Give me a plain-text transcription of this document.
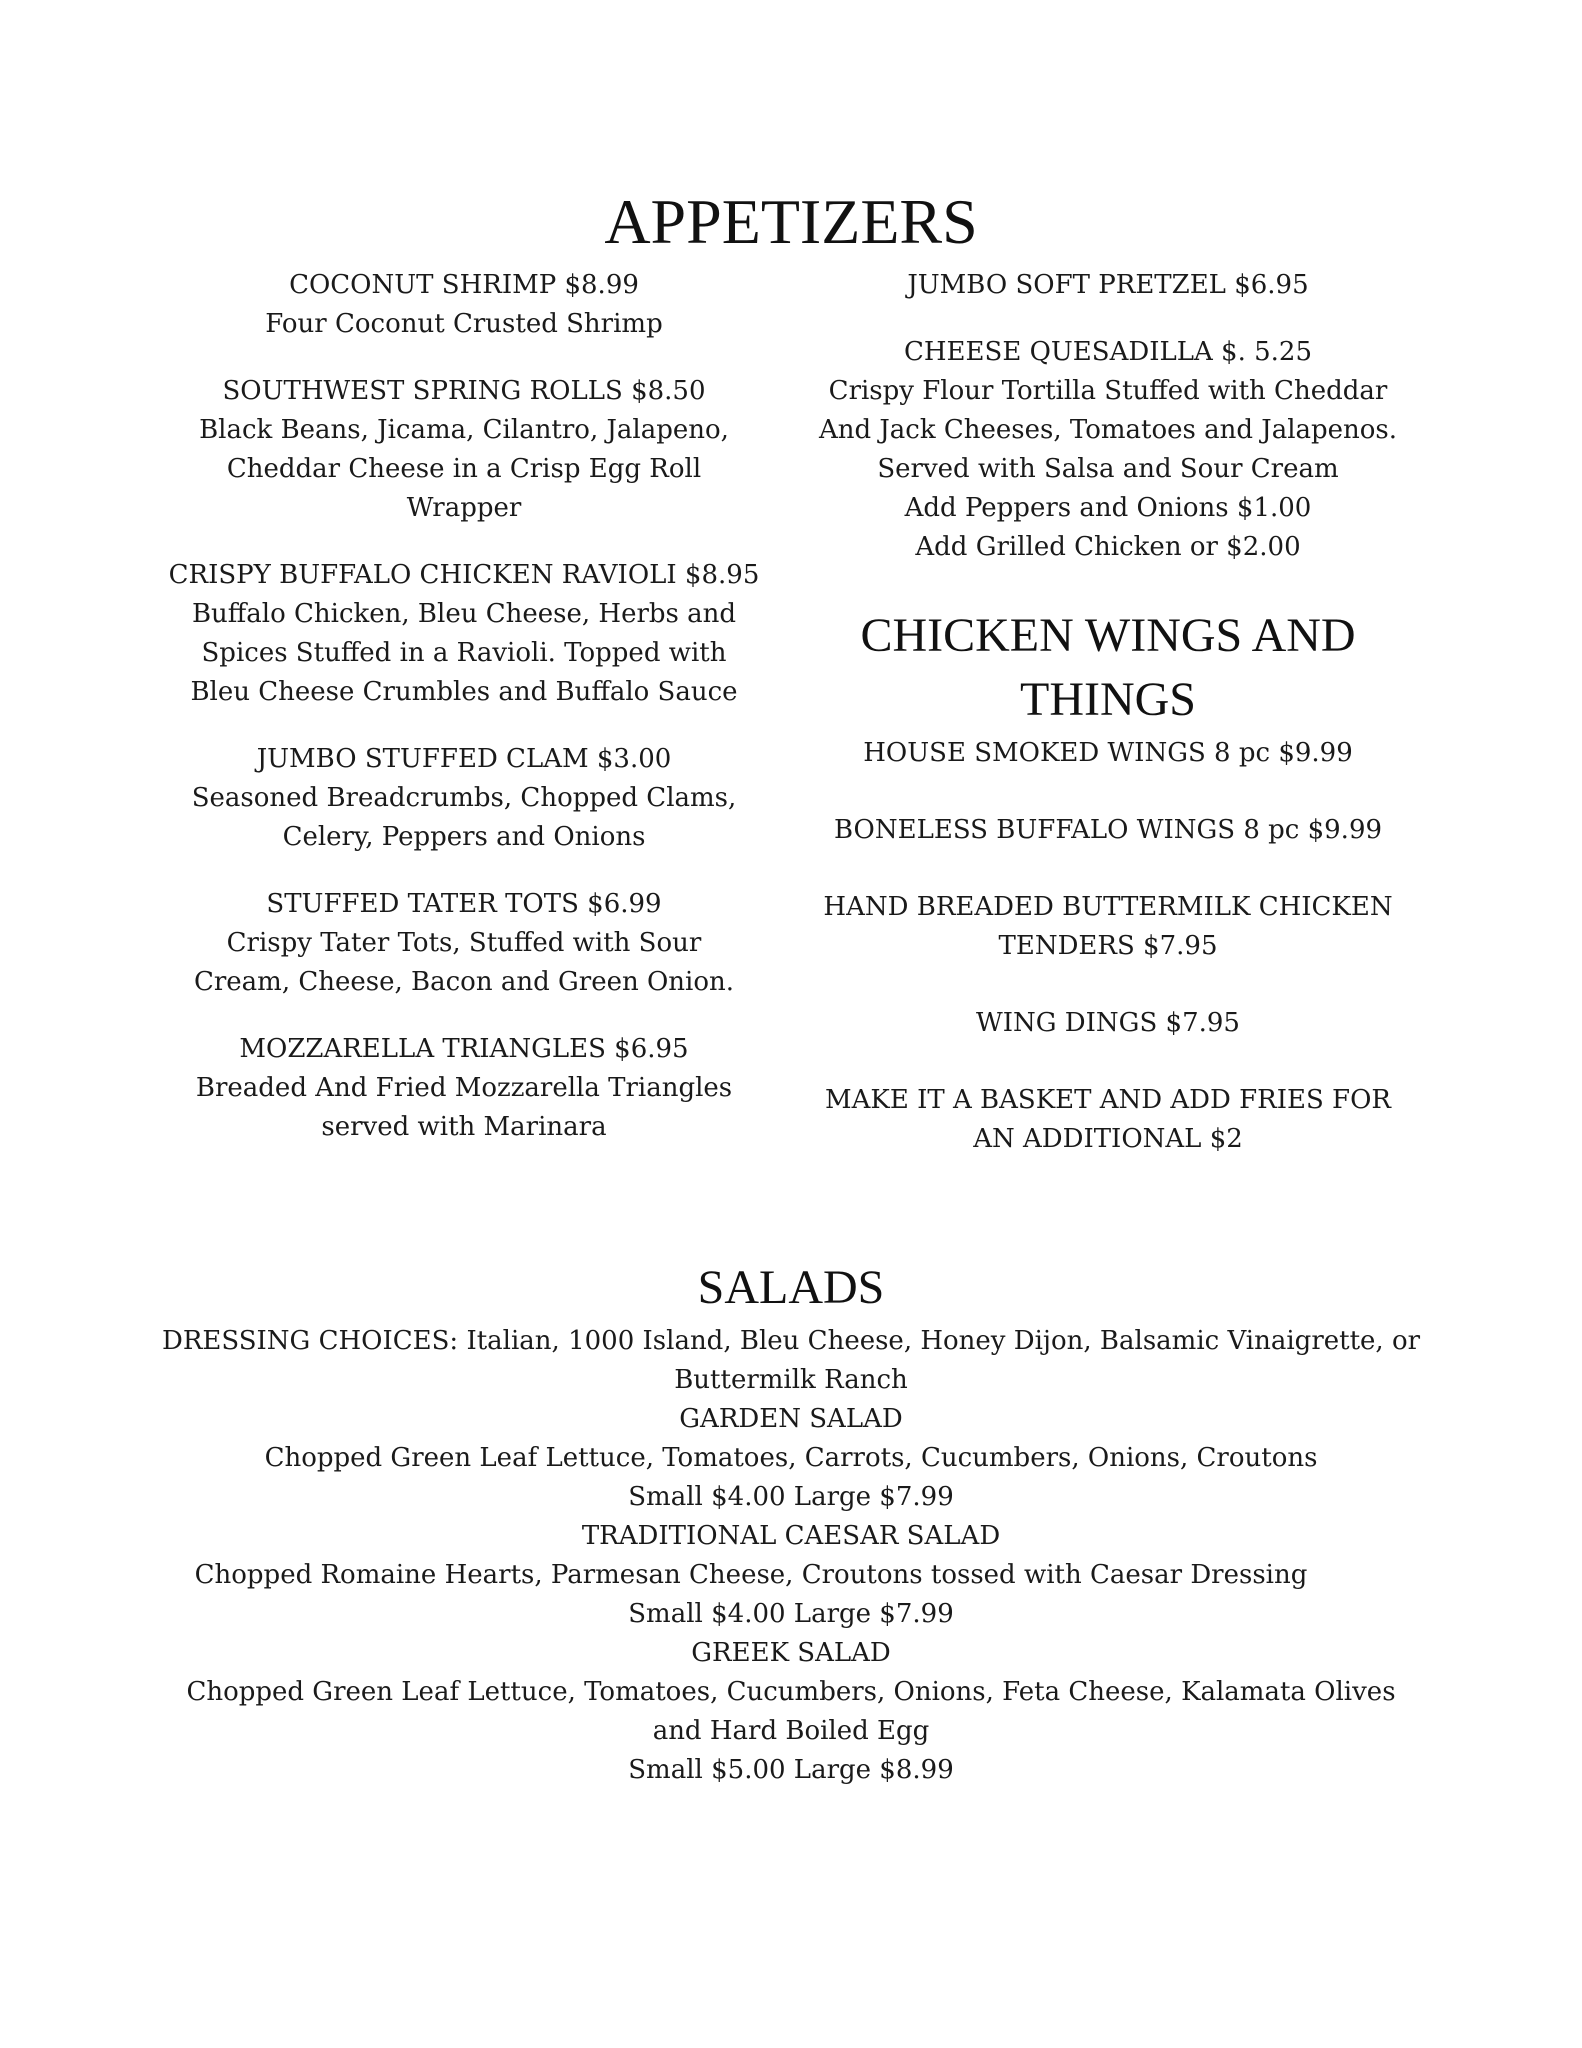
APPETIZERS

COCONUT SHRIMP $8.99

Four Coconut Crusted Shrimp

SOUTHWEST SPRING ROLLS $8.50

Black Beans, Jicama, Cilantro, Jalapeno,

Cheddar Cheese in a Crisp Egg Roll

Wrapper

CRISPY BUFFALO CHICKEN RAVIOLI $8.95

Buffalo Chicken, Bleu Cheese, Herbs and

Spices Stuffed in a Ravioli. Topped with

Bleu Cheese Crumbles and Buffalo Sauce

JUMBO STUFFED CLAM $3.00

Seasoned Breadcrumbs, Chopped Clams,

Celery, Peppers and Onions

STUFFED TATER TOTS $6.99

Crispy Tater Tots, Stuffed with Sour

Cream, Cheese, Bacon and Green Onion.

MOZZARELLA TRIANGLES $6.95

Breaded And Fried Mozzarella Triangles

served with Marinara

JUMBO SOFT PRETZEL $6.95

CHEESE QUESADILLA $. 5.25

Crispy Flour Tortilla Stuffed with Cheddar

And Jack Cheeses, Tomatoes and Jalapenos.

Served with Salsa and Sour Cream

Add Peppers and Onions $1.00

Add Grilled Chicken or $2.00

CHICKEN WINGS AND
THINGS

HOUSE SMOKED WINGS 8 pc $9.99

BONELESS BUFFALO WINGS 8 pc $9.99

HAND BREADED BUTTERMILK CHICKEN

TENDERS $7.95

WING DINGS $7.95

MAKE IT A BASKET AND ADD FRIES FOR

AN ADDITIONAL $2

SALADS

DRESSING CHOICES: Italian, 1000 Island, Bleu Cheese, Honey Dijon, Balsamic Vinaigrette, or

Buttermilk Ranch

GARDEN SALAD

Chopped Green Leaf Lettuce, Tomatoes, Carrots, Cucumbers, Onions, Croutons

Small $4.00 Large $7.99

TRADITIONAL CAESAR SALAD

Chopped Romaine Hearts, Parmesan Cheese, Croutons tossed with Caesar Dressing

Small $4.00 Large $7.99

GREEK SALAD

Chopped Green Leaf Lettuce, Tomatoes, Cucumbers, Onions, Feta Cheese, Kalamata Olives

and Hard Boiled Egg

Small $5.00 Large $8.99
